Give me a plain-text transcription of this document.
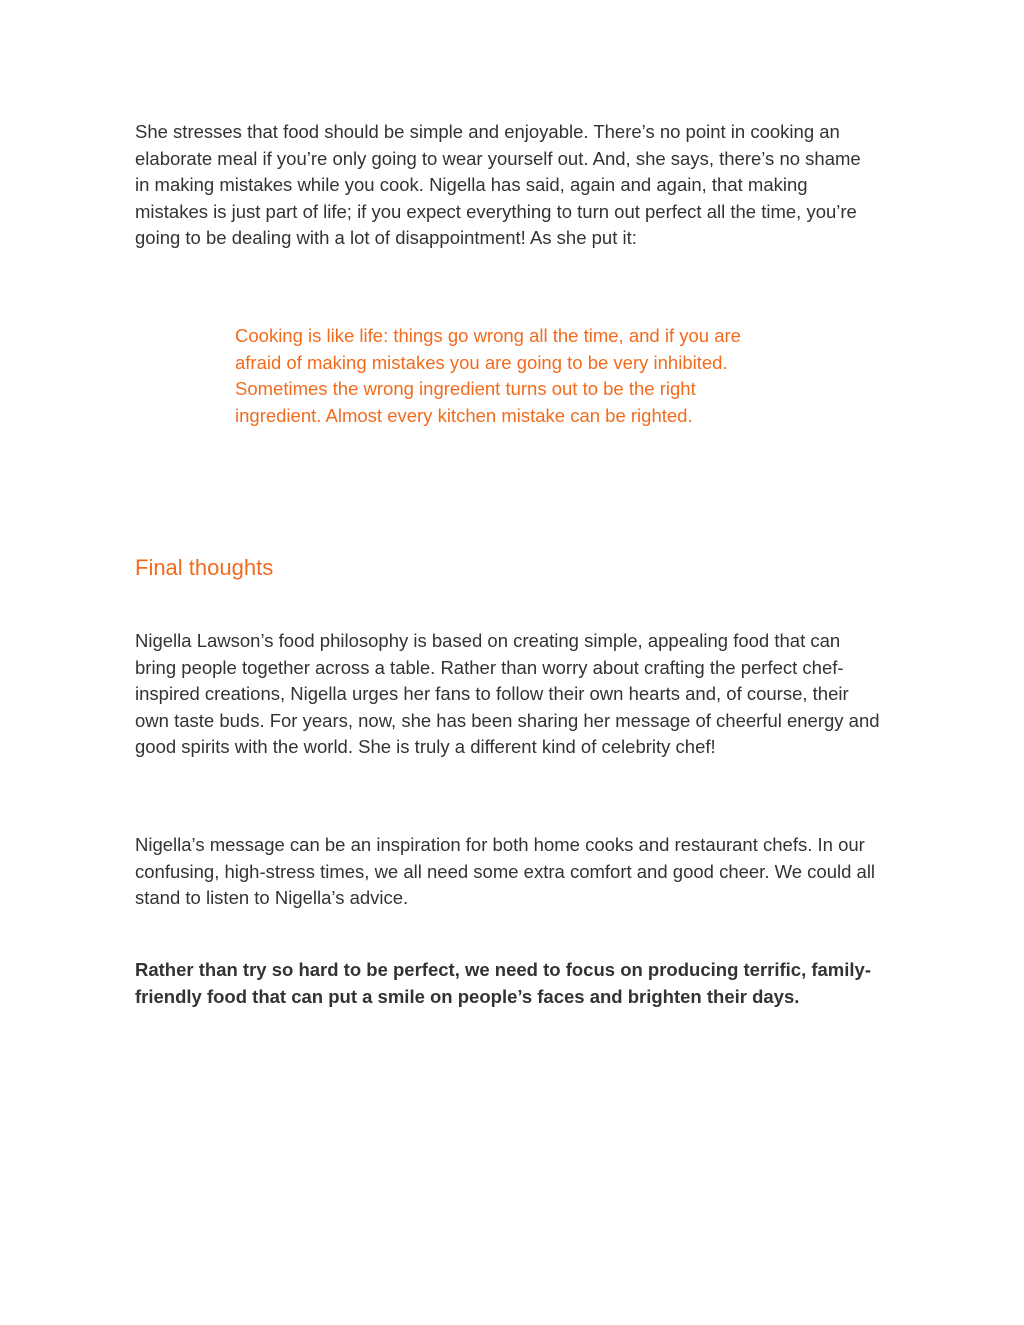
She stresses that food should be simple and enjoyable. There’s no point in cooking an elaborate meal if you’re only going to wear yourself out. And, she says, there’s no shame in making mistakes while you cook. Nigella has said, again and again, that making mistakes is just part of life; if you expect everything to turn out perfect all the time, you’re going to be dealing with a lot of disappointment! As she put it:

Cooking is like life: things go wrong all the time, and if you are afraid of making mistakes you are going to be very inhibited. Sometimes the wrong ingredient turns out to be the right ingredient. Almost every kitchen mistake can be righted.

Final thoughts

Nigella Lawson’s food philosophy is based on creating simple, appealing food that can bring people together across a table. Rather than worry about crafting the perfect chef-inspired creations, Nigella urges her fans to follow their own hearts and, of course, their own taste buds. For years, now, she has been sharing her message of cheerful energy and good spirits with the world. She is truly a different kind of celebrity chef!

Nigella’s message can be an inspiration for both home cooks and restaurant chefs. In our confusing, high-stress times, we all need some extra comfort and good cheer. We could all stand to listen to Nigella’s advice.

Rather than try so hard to be perfect, we need to focus on producing terrific, family-friendly food that can put a smile on people’s faces and brighten their days.
